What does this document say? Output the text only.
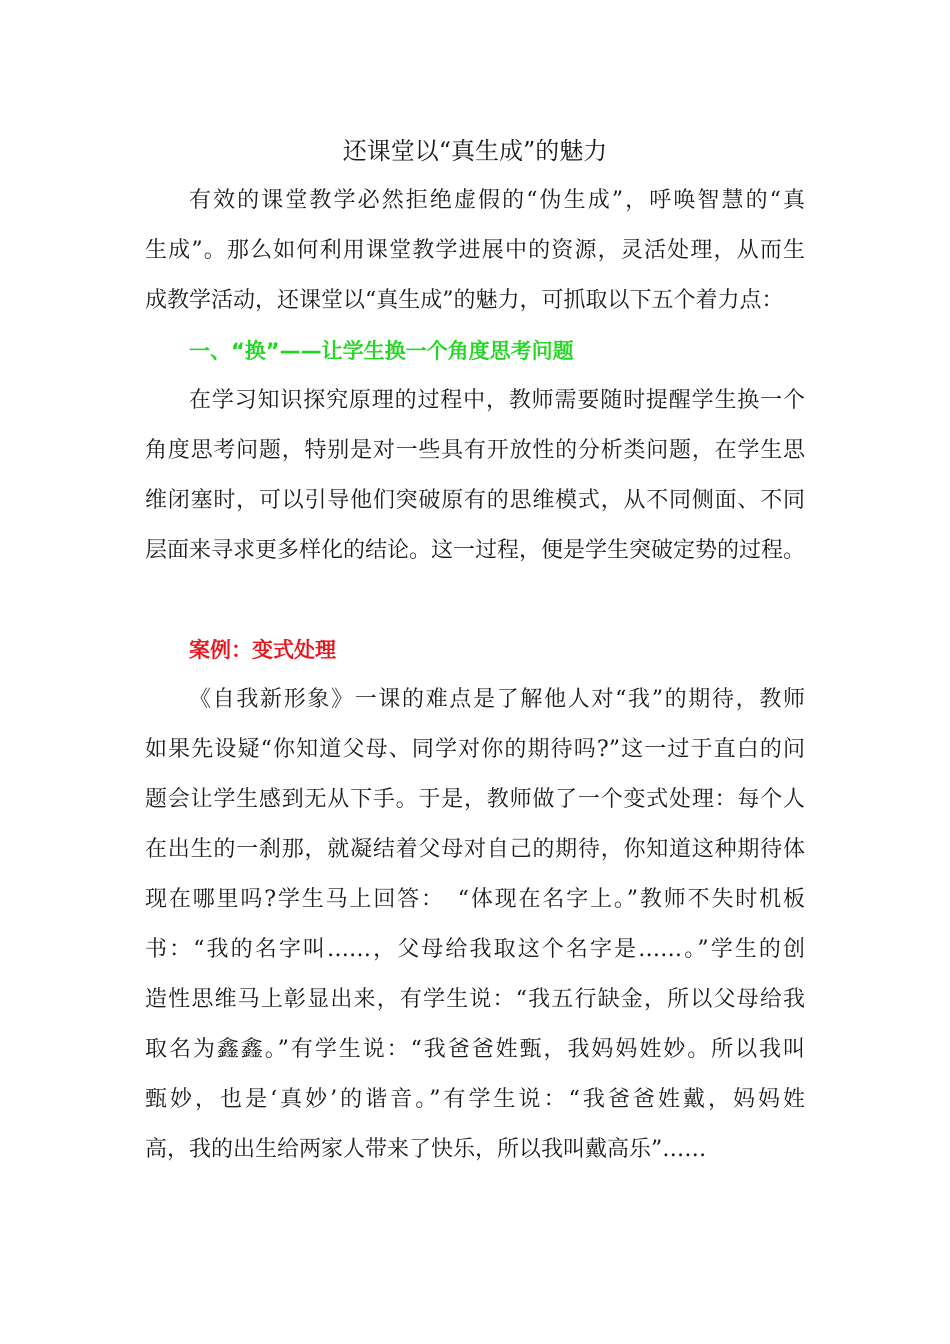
还课堂以“真生成”的魅力
有效的课堂教学必然拒绝虚假的“伪生成”，呼唤智慧的“真
生成”。那么如何利用课堂教学进展中的资源，灵活处理，从而生
成教学活动，还课堂以“真生成”的魅力，可抓取以下五个着力点：
一、“换”——让学生换一个角度思考问题
在学习知识探究原理的过程中，教师需要随时提醒学生换一个
角度思考问题，特别是对一些具有开放性的分析类问题，在学生思
维闭塞时，可以引导他们突破原有的思维模式，从不同侧面、不同
层面来寻求更多样化的结论。这一过程，便是学生突破定势的过程。
案例：变式处理
《自我新形象》一课的难点是了解他人对“我”的期待，教师
如果先设疑“你知道父母、同学对你的期待吗?”这一过于直白的问
题会让学生感到无从下手。于是，教师做了一个变式处理：每个人
在出生的一刹那，就凝结着父母对自己的期待，你知道这种期待体
现在哪里吗?学生马上回答：　“体现在名字上。”教师不失时机板
书：“我的名字叫……，父母给我取这个名字是……。”学生的创
造性思维马上彰显出来，有学生说：“我五行缺金，所以父母给我
取名为鑫鑫。”有学生说：“我爸爸姓甄，我妈妈姓妙。所以我叫
甄妙，也是‘真妙’的谐音。”有学生说：“我爸爸姓戴，妈妈姓
高，我的出生给两家人带来了快乐，所以我叫戴高乐”……
